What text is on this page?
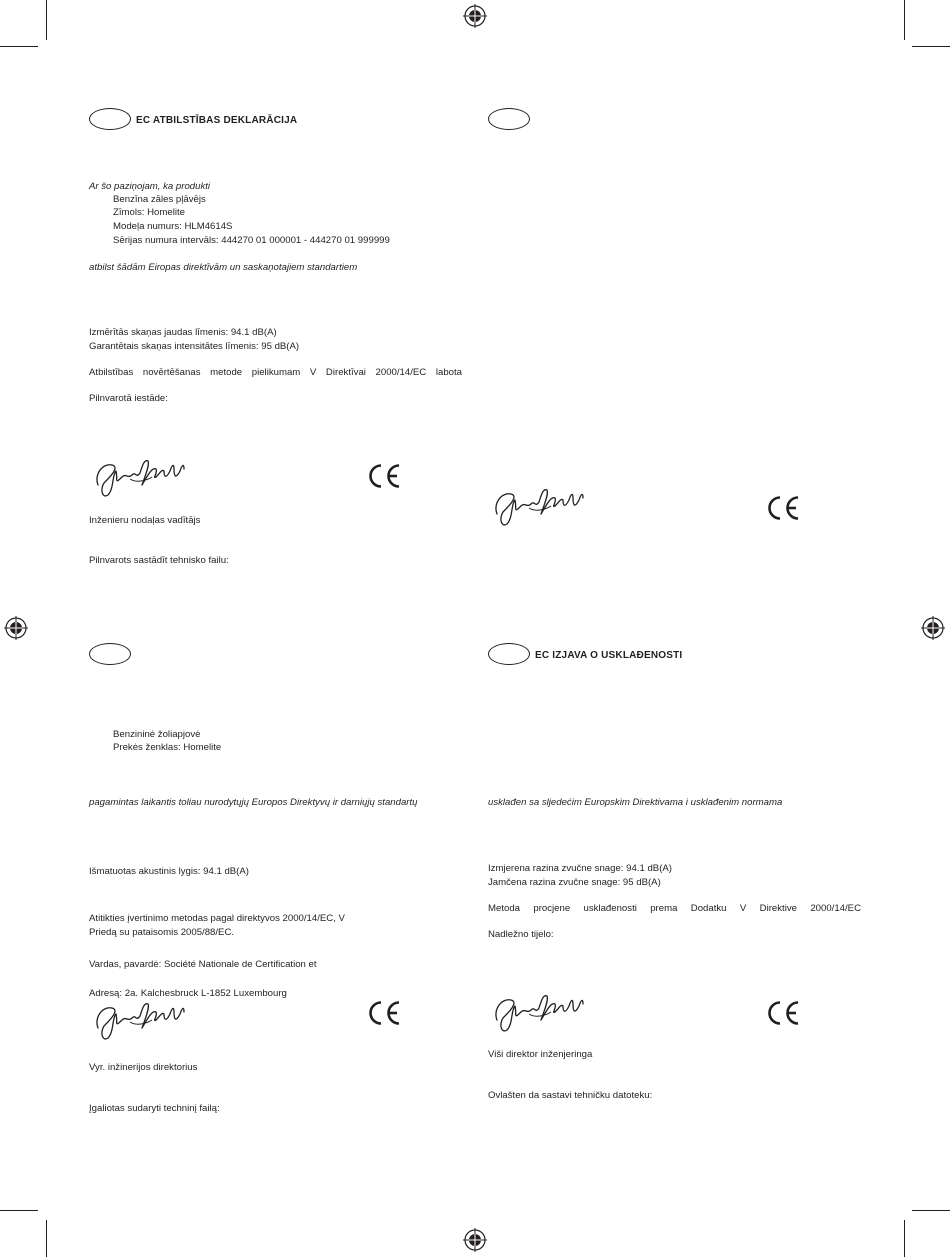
EC ATBILSTĪBAS DEKLARĀCIJA
Ar šo paziņojam, ka produkti
Benzīna zāles pļāvējs
Zīmols: Homelite
Modeļa numurs: HLM4614S
Sērijas numura intervāls: 444270 01 000001 - 444270 01 999999
atbilst šādām Eiropas direktīvām un saskaņotajiem standartiem
Izmērītās skaņas jaudas līmenis: 94.1 dB(A)
Garantētais skaņas intensitātes līmenis: 95 dB(A)
Atbilstības novērtēšanas metode pielikumam V Direktīvai 2000/14/EC labota
Pilnvarotā iestāde:
Inženieru nodaļas vadītājs
Pilnvarots sastādīt tehnisko failu:
Benzininė žoliapjovė
Prekės ženklas: Homelite
pagamintas laikantis toliau nurodytųjų Europos Direktyvų ir darniųjų standartų
Išmatuotas akustinis lygis: 94.1 dB(A)
Atitikties įvertinimo metodas pagal direktyvos 2000/14/EC, V
Priedą su pataisomis 2005/88/EC.
Vardas, pavardė: Société Nationale de Certification et
Adresą: 2a. Kalchesbruck L-1852 Luxembourg
Vyr. inžinerijos direktorius
Įgaliotas sudaryti techninį failą:
EC IZJAVA O USKLAĐENOSTI
usklađen sa sljedećim Europskim Direktivama i usklađenim normama
Izmjerena razina zvučne snage: 94.1 dB(A)
Jamčena razina zvučne snage: 95 dB(A)
Metoda procjene usklađenosti prema Dodatku V Direktive 2000/14/EC
Nadležno tijelo:
Viši direktor inženjeringa
Ovlašten da sastavi tehničku datoteku:
